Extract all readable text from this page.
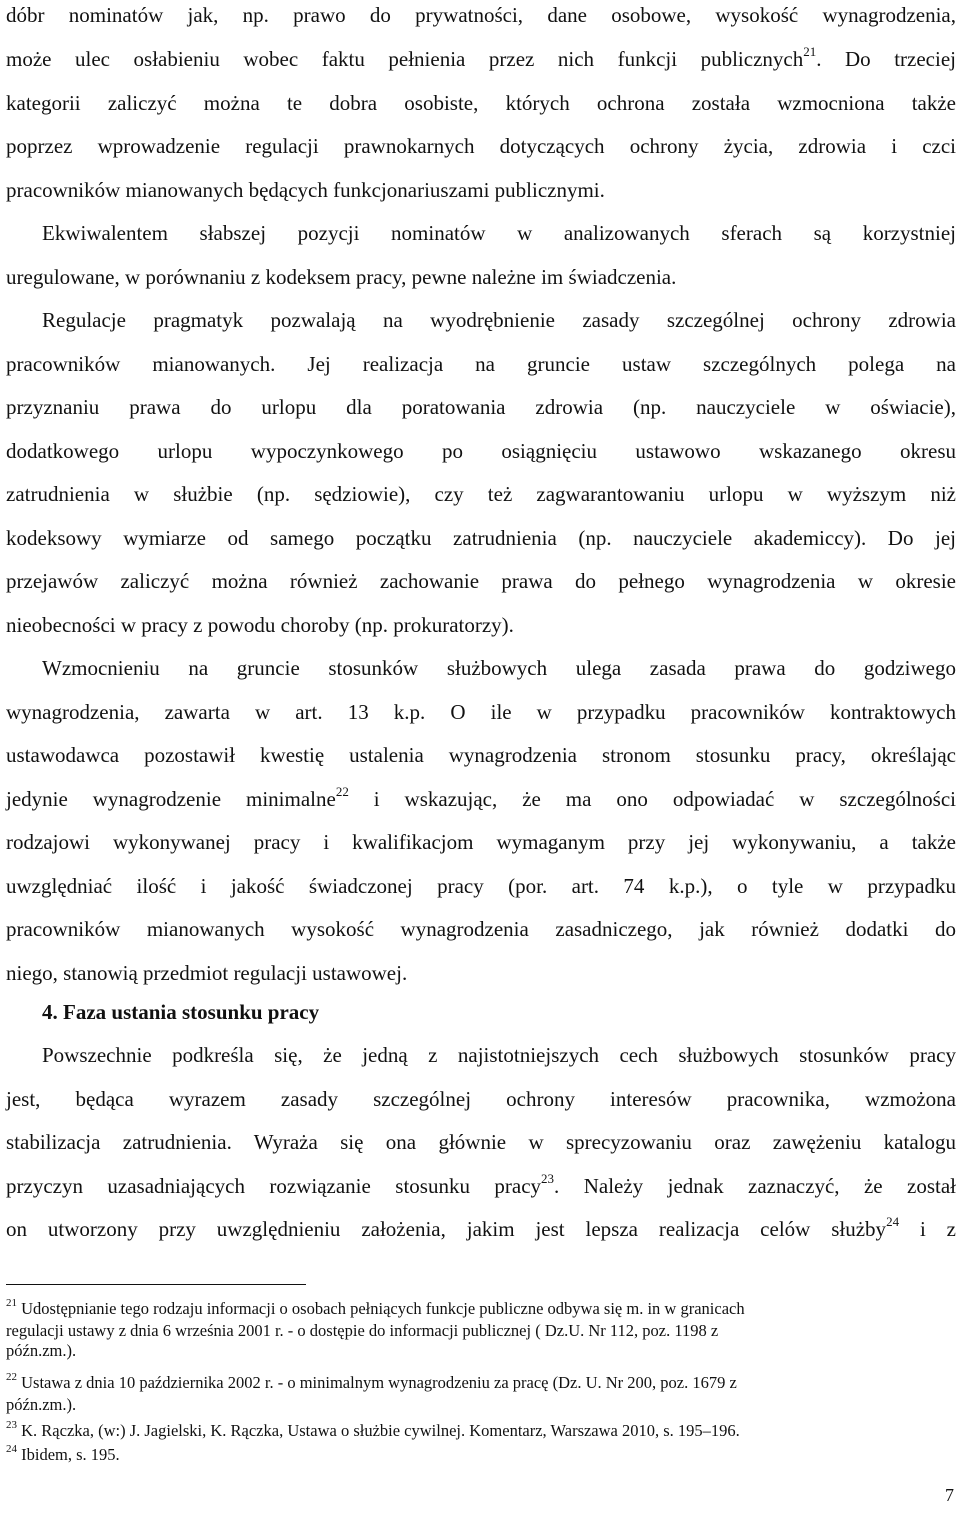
dóbr nominatów jak, np. prawo do prywatności, dane osobowe, wysokość wynagrodzenia,
może ulec osłabieniu wobec faktu pełnienia przez nich funkcji publicznych$^{21}$. Do trzeciej
kategorii zaliczyć można te dobra osobiste, których ochrona została wzmocniona także
poprzez wprowadzenie regulacji prawnokarnych dotyczących ochrony życia, zdrowia i czci
pracowników mianowanych będących funkcjonariuszami publicznymi.
Ekwiwalentem słabszej pozycji nominatów w analizowanych sferach są korzystniej
uregulowane, w porównaniu z kodeksem pracy, pewne należne im świadczenia.
Regulacje pragmatyk pozwalają na wyodrębnienie zasady szczególnej ochrony zdrowia
pracowników mianowanych. Jej realizacja na gruncie ustaw szczególnych polega na
przyznaniu prawa do urlopu dla poratowania zdrowia (np. nauczyciele w oświacie),
dodatkowego urlopu wypoczynkowego po osiągnięciu ustawowo wskazanego okresu
zatrudnienia w służbie (np. sędziowie), czy też zagwarantowaniu urlopu w wyższym niż
kodeksowy wymiarze od samego początku zatrudnienia (np. nauczyciele akademiccy). Do jej
przejawów zaliczyć można również zachowanie prawa do pełnego wynagrodzenia w okresie
nieobecności w pracy z powodu choroby (np. prokuratorzy).
Wzmocnieniu na gruncie stosunków służbowych ulega zasada prawa do godziwego
wynagrodzenia, zawarta w art. 13 k.p. O ile w przypadku pracowników kontraktowych
ustawodawca pozostawił kwestię ustalenia wynagrodzenia stronom stosunku pracy, określając
jedynie wynagrodzenie minimalne$^{22}$ i wskazując, że ma ono odpowiadać w szczególności
rodzajowi wykonywanej pracy i kwalifikacjom wymaganym przy jej wykonywaniu, a także
uwzględniać ilość i jakość świadczonej pracy (por. art. 74 k.p.), o tyle w przypadku
pracowników mianowanych wysokość wynagrodzenia zasadniczego, jak również dodatki do
niego, stanowią przedmiot regulacji ustawowej.
4. Faza ustania stosunku pracy
Powszechnie podkreśla się, że jedną z najistotniejszych cech służbowych stosunków pracy
jest, będąca wyrazem zasady szczególnej ochrony interesów pracownika, wzmożona
stabilizacja zatrudnienia. Wyraża się ona głównie w sprecyzowaniu oraz zawężeniu katalogu
przyczyn uzasadniających rozwiązanie stosunku pracy$^{23}$. Należy jednak zaznaczyć, że został
on utworzony przy uwzględnieniu założenia, jakim jest lepsza realizacja celów służby$^{24}$ i z
$^{21}$ Udostępnianie tego rodzaju informacji o osobach pełniących funkcje publiczne odbywa się m. in w granicach
regulacji ustawy z dnia 6 września 2001 r. - o dostępie do informacji publicznej ( Dz.U. Nr 112, poz. 1198 z
późn.zm.).
$^{22}$ Ustawa z dnia 10 października 2002 r. - o minimalnym wynagrodzeniu za pracę (Dz. U. Nr 200, poz. 1679 z
późn.zm.).
$^{23}$ K. Rączka, (w:) J. Jagielski, K. Rączka, Ustawa o służbie cywilnej. Komentarz, Warszawa 2010, s. 195–196.
$^{24}$ Ibidem, s. 195.
7
